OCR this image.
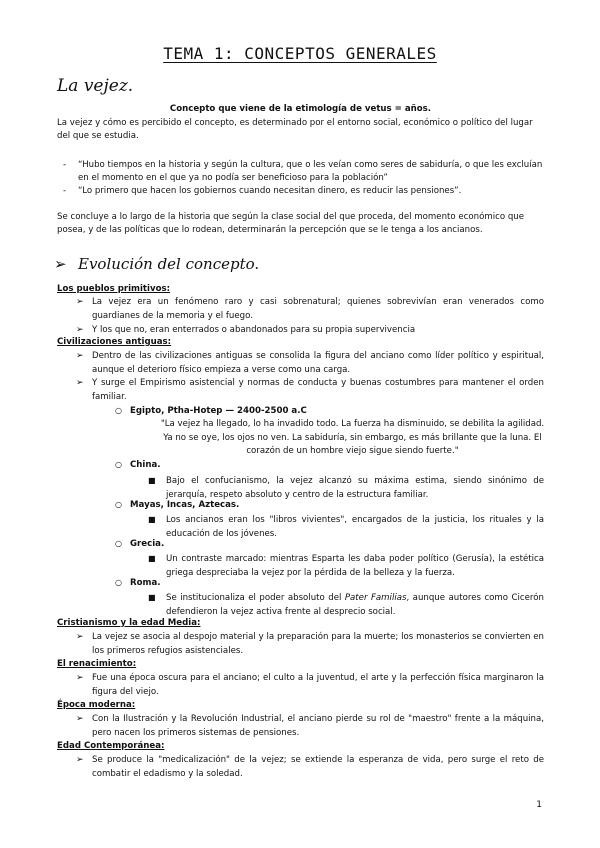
TEMA 1: CONCEPTOS GENERALES
La vejez.
Concepto que viene de la etimología de vetus = años.
La vejez y cómo es percibido el concepto, es determinado por el entorno social, económico o político del lugar del que se estudia.
- “Hubo tiempos en la historia y según la cultura, que o les veían como seres de sabiduría, o que les excluían en el momento en el que ya no podía ser beneficioso para la población”
- “Lo primero que hacen los gobiernos cuando necesitan dinero, es reducir las pensiones”.
Se concluye a lo largo de la historia que según la clase social del que proceda, del momento económico que posea, y de las políticas que lo rodean, determinarán la percepción que se le tenga a los ancianos.
➢ Evolución del concepto.
Los pueblos primitivos:
➢ La vejez era un fenómeno raro y casi sobrenatural; quienes sobrevivían eran venerados como guardianes de la memoria y el fuego.
➢ Y los que no, eran enterrados o abandonados para su propia supervivencia
Civilizaciones antiguas:
➢ Dentro de las civilizaciones antiguas se consolida la figura del anciano como líder político y espiritual, aunque el deterioro físico empieza a verse como una carga.
➢ Y surge el Empirismo asistencial y normas de conducta y buenas costumbres para mantener el orden familiar.
○ Egipto, Ptha-Hotep — 2400-2500 a.C
"La vejez ha llegado, lo ha invadido todo. La fuerza ha disminuido, se debilita la agilidad. Ya no se oye, los ojos no ven. La sabiduría, sin embargo, es más brillante que la luna. El corazón de un hombre viejo sigue siendo fuerte."
○ China.
■ Bajo el confucianismo, la vejez alcanzó su máxima estima, siendo sinónimo de jerarquía, respeto absoluto y centro de la estructura familiar.
○ Mayas, Incas, Aztecas.
■ Los ancianos eran los "libros vivientes", encargados de la justicia, los rituales y la educación de los jóvenes.
○ Grecia.
■ Un contraste marcado: mientras Esparta les daba poder político (Gerusía), la estética griega despreciaba la vejez por la pérdida de la belleza y la fuerza.
○ Roma.
■ Se institucionaliza el poder absoluto del Pater Familias, aunque autores como Cicerón defendieron la vejez activa frente al desprecio social.
Cristianismo y la edad Media:
➢ La vejez se asocia al despojo material y la preparación para la muerte; los monasterios se convierten en los primeros refugios asistenciales.
El renacimiento:
➢ Fue una época oscura para el anciano; el culto a la juventud, el arte y la perfección física marginaron la figura del viejo.
Época moderna:
➢ Con la Ilustración y la Revolución Industrial, el anciano pierde su rol de "maestro" frente a la máquina, pero nacen los primeros sistemas de pensiones.
Edad Contemporánea:
➢ Se produce la "medicalización" de la vejez; se extiende la esperanza de vida, pero surge el reto de combatir el edadismo y la soledad.
1
